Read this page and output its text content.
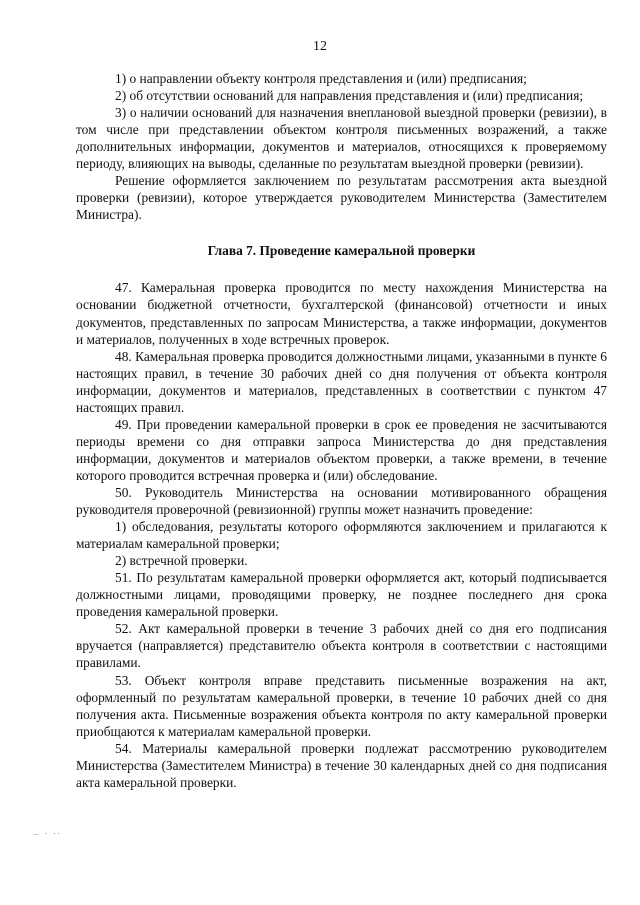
12

1) о направлении объекту контроля представления и (или) предписания;

2) об отсутствии оснований для направления представления и (или) предписания;

3) о наличии оснований для назначения внеплановой выездной проверки (ревизии), в том числе при представлении объектом контроля письменных возражений, а также дополнительных информации, документов и материалов, относящихся к проверяемому периоду, влияющих на выводы, сделанные по результатам выездной проверки (ревизии).

Решение оформляется заключением по результатам рассмотрения акта выездной проверки (ревизии), которое утверждается руководителем Министерства (Заместителем Министра).

Глава 7. Проведение камеральной проверки

47. Камеральная проверка проводится по месту нахождения Министерства на основании бюджетной отчетности, бухгалтерской (финансовой) отчетности и иных документов, представленных по запросам Министерства, а также информации, документов и материалов, полученных в ходе встречных проверок.

48. Камеральная проверка проводится должностными лицами, указанными в пункте 6 настоящих правил, в течение 30 рабочих дней со дня получения от объекта контроля информации, документов и материалов, представленных в соответствии с пунктом 47 настоящих правил.

49. При проведении камеральной проверки в срок ее проведения не засчитываются периоды времени со дня отправки запроса Министерства до дня представления информации, документов и материалов объектом проверки, а также времени, в течение которого проводится встречная проверка и (или) обследование.

50. Руководитель Министерства на основании мотивированного обращения руководителя проверочной (ревизионной) группы может назначить проведение:

1) обследования, результаты которого оформляются заключением и прилагаются к материалам камеральной проверки;

2) встречной проверки.

51. По результатам камеральной проверки оформляется акт, который подписывается должностными лицами, проводящими проверку, не позднее последнего дня срока проведения камеральной проверки.

52. Акт камеральной проверки в течение 3 рабочих дней со дня его подписания вручается (направляется) представителю объекта контроля в соответствии с настоящими правилами.

53. Объект контроля вправе представить письменные возражения на акт, оформленный по результатам камеральной проверки, в течение 10 рабочих дней со дня получения акта. Письменные возражения объекта контроля по акту камеральной проверки приобщаются к материалам камеральной проверки.

54. Материалы камеральной проверки подлежат рассмотрению руководителем Министерства (Заместителем Министра) в течение 30 календарных дней со дня подписания акта камеральной проверки.

_ . ..
